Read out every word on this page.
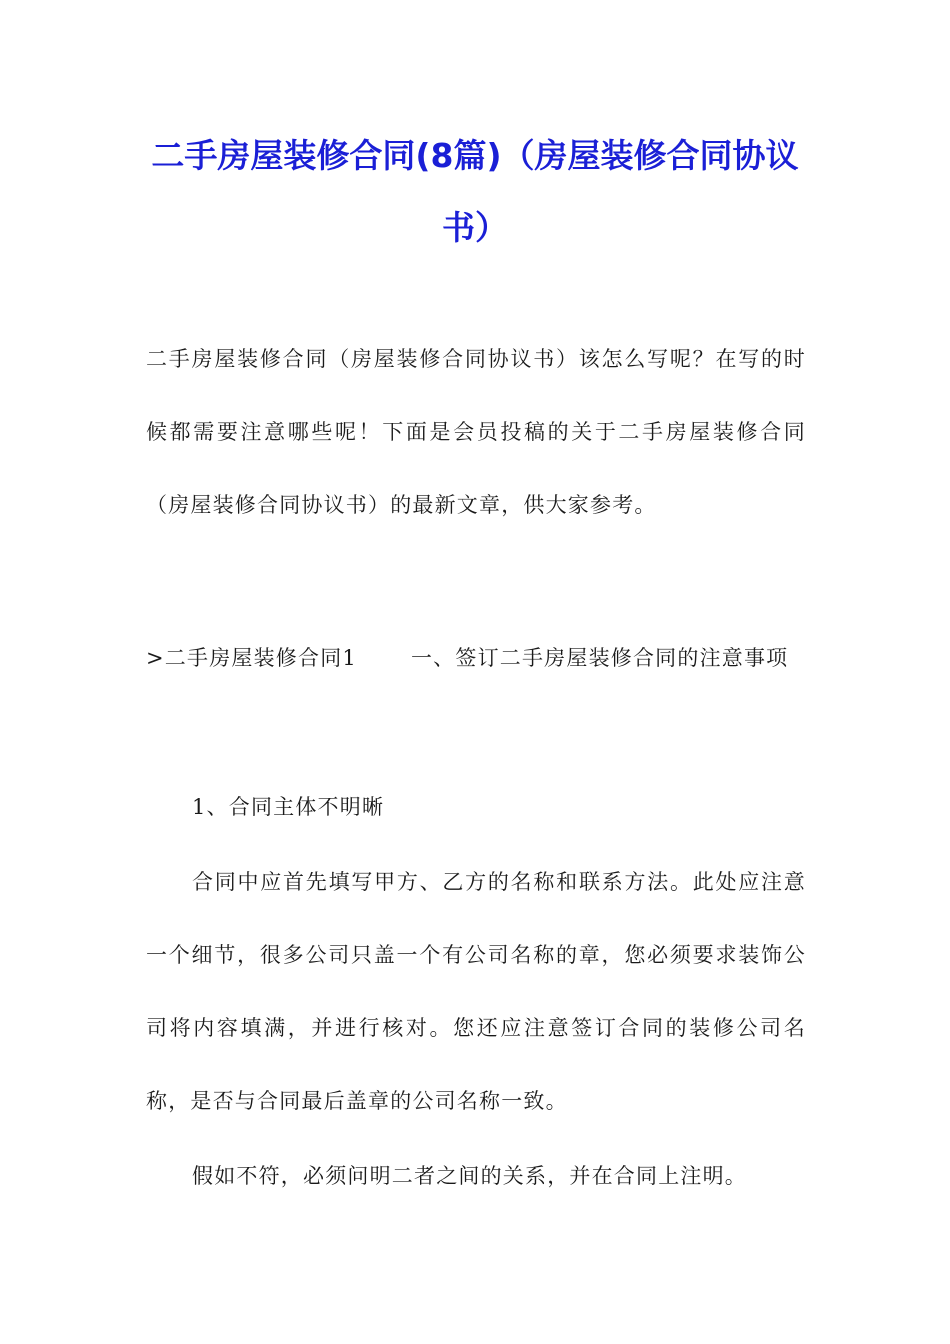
二手房屋装修合同(8篇)（房屋装修合同协议书）

二手房屋装修合同（房屋装修合同协议书）该怎么写呢？在写的时候都需要注意哪些呢！下面是会员投稿的关于二手房屋装修合同（房屋装修合同协议书）的最新文章，供大家参考。

>二手房屋装修合同1	一、签订二手房屋装修合同的注意事项

1、合同主体不明晰

合同中应首先填写甲方、乙方的名称和联系方法。此处应注意一个细节，很多公司只盖一个有公司名称的章，您必须要求装饰公司将内容填满，并进行核对。您还应注意签订合同的装修公司名称，是否与合同最后盖章的公司名称一致。

假如不符，必须问明二者之间的关系，并在合同上注明。
